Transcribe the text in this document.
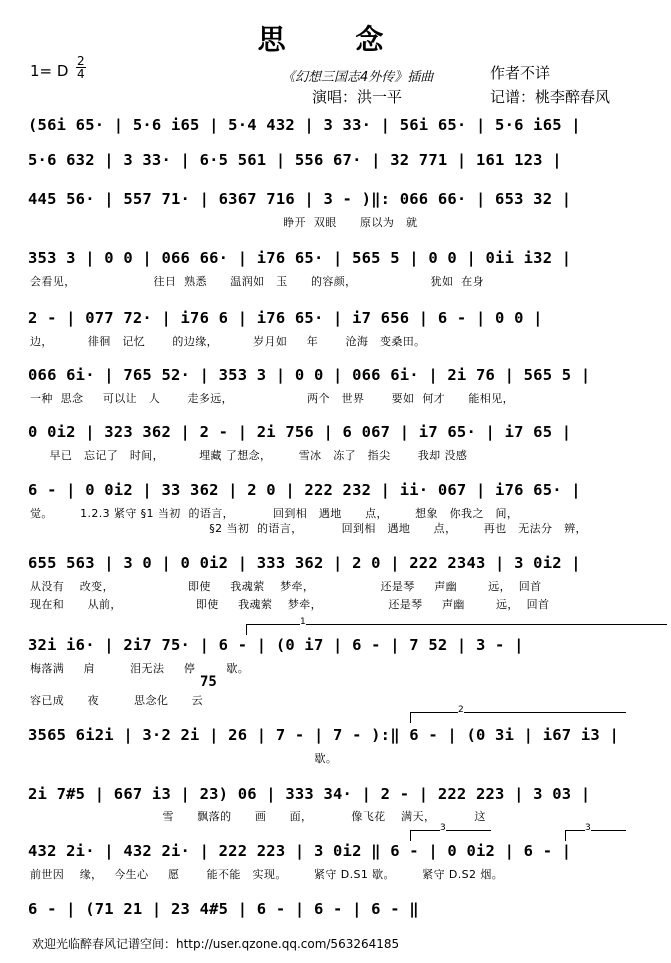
思 念
1= D
2
4	《幻想三国志4外传》插曲	作者不详
演唱：洪一平	记谱：桃李醉春风
(56i 65· | 5·6 i65 | 5·4 432 | 3 33· | 56i 65· | 5·6 i65 |
5·6 632 | 3 33· | 6·5 561 | 556 67· | 32 771 | 161 123 |
445 56· | 557 71· | 6367 716 | 3 - )‖: 066 66· | 653 32 |
睁开  双眼      原以为   就
353 3 | 0 0 | 066 66· | i76 65· | 565 5 | 0 0 | 0ii i32 |
会看见，                    往日  熟悉      温润如   玉      的容颜，                   犹如  在身
2 - | 077 72· | i76 6 | i76 65· | i7 656 | 6 - | 0 0 |
边，         徘徊   记忆       的边缘，         岁月如     年       沧海   变桑田。
066 6i· | 765 52· | 353 3 | 0 0 | 066 6i· | 2i 76 | 565 5 |
一种  思念     可以让   人       走多远，                   两个   世界       要如  何才      能相见，
0 0i2 | 323 362 | 2 - | 2i 756 | 6 067 | i7 65· | i7 65 |
早已   忘记了   时间，         埋藏 了想念，       雪冰   冻了   指尖       我却 没感
6 - | 0 0i2 | 33 362 | 2 0 | 222 232 | ii· 067 | i76 65· |
觉。       1.2.3 紧守 §1 当初  的语言，          回到相   遇地      点，       想象   你我之   间，
§2 当初  的语言，          回到相   遇地      点，       再也   无法分   辨，
655 563 | 3 0 | 0 0i2 | 333 362 | 2 0 | 222 2343 | 3 0i2 |
从没有    改变，                   即使     我魂萦    梦牵，                 还是琴     声幽        远，  回首
现在和      从前，                   即使     我魂萦    梦牵，                 还是琴     声幽        远，  回首
1
32i i6· | 2i7 75· | 6 - | (0 i7 | 6 - | 7 52 | 3 - |
梅落满     肩         泪无法     停        歇。
75
容已成      夜         思念化      云
2
3565 6i2i | 3·2 2i | 26 | 7 - | 7 - ):‖ 6 - | (0 3i | i67 i3 |
歇。
2i 7#5 | 667 i3 | 23) 06 | 333 34· | 2 - | 222 223 | 3 03 |
雪      飘落的      画      面，          像飞花    满天，          这
3	3
432 2i· | 432 2i· | 222 223 | 3 0i2 ‖ 6 - | 0 0i2 | 6 - |
前世因    缘，   今生心     愿       能不能   实现。       紧守 D.S1 歇。       紧守 D.S2 烟。
6 - | (71 21 | 23 4#5 | 6 - | 6 - | 6 - ‖
欢迎光临醉春风记谱空间：http://user.qzone.qq.com/563264185
